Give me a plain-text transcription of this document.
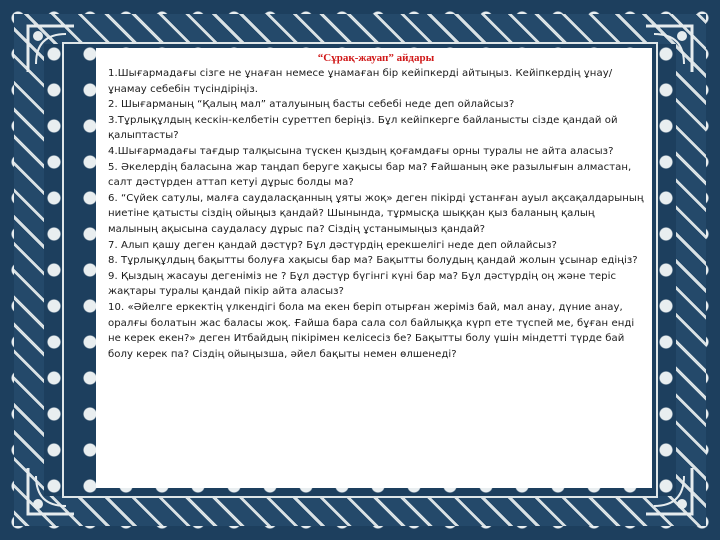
“Сұрақ-жауап” айдары

1.Шығармадағы сізге не ұнаған немесе ұнамаған бір кейіпкерді айтыңыз. Кейіпкердің ұнау/ұнамау себебін түсіндіріңіз.

2. Шығарманың “Қалың мал” аталуының басты себебі неде деп ойлайсыз?

3.Тұрлықұлдың кескін-келбетін суреттеп беріңіз. Бұл кейіпкерге байланысты сізде қандай ой қалыптасты?

4.Шығармадағы тағдыр талқысына түскен қыздың қоғамдағы орны туралы не айта аласыз?

5. Әкелердің баласына жар таңдап беруге хақысы бар ма? Ғайшаның әке разылығын алмастан, салт дәстүрден аттап кетуі дұрыс болды ма?

6. “Сүйек сатулы, малға саудаласқанның ұяты жоқ» деген пікірді ұстанған ауыл ақсақалдарының ниетіне қатысты сіздің ойыңыз қандай? Шынында, тұрмысқа шыққан қыз баланың қалың малының ақысына саудаласу дұрыс па? Сіздің ұстанымыңыз қандай?

7. Алып қашу деген қандай дәстүр? Бұл дәстүрдің ерекшелігі неде деп ойлайсыз?

8. Тұрлықұлдың бақытты болуға хақысы бар ма? Бақытты болудың қандай жолын ұсынар едіңіз?

9. Қыздың жасауы дегеніміз не ? Бұл дәстүр бүгінгі күні бар ма? Бұл дәстүрдің оң және теріс жақтары туралы қандай пікір айта аласыз?

10. «Әйелге еркектің үлкендігі бола ма екен беріп отырған жеріміз бай, мал анау, дүние анау, оралғы болатын жас баласы жоқ. Ғайша бара сала сол байлыққа күрп ете түспей ме, бұған енді не керек екен?» деген Итбайдың пікірімен келісесіз бе? Бақытты болу үшін міндетті түрде бай болу керек па? Сіздің ойыңызша, әйел бақыты немен өлшенеді?
